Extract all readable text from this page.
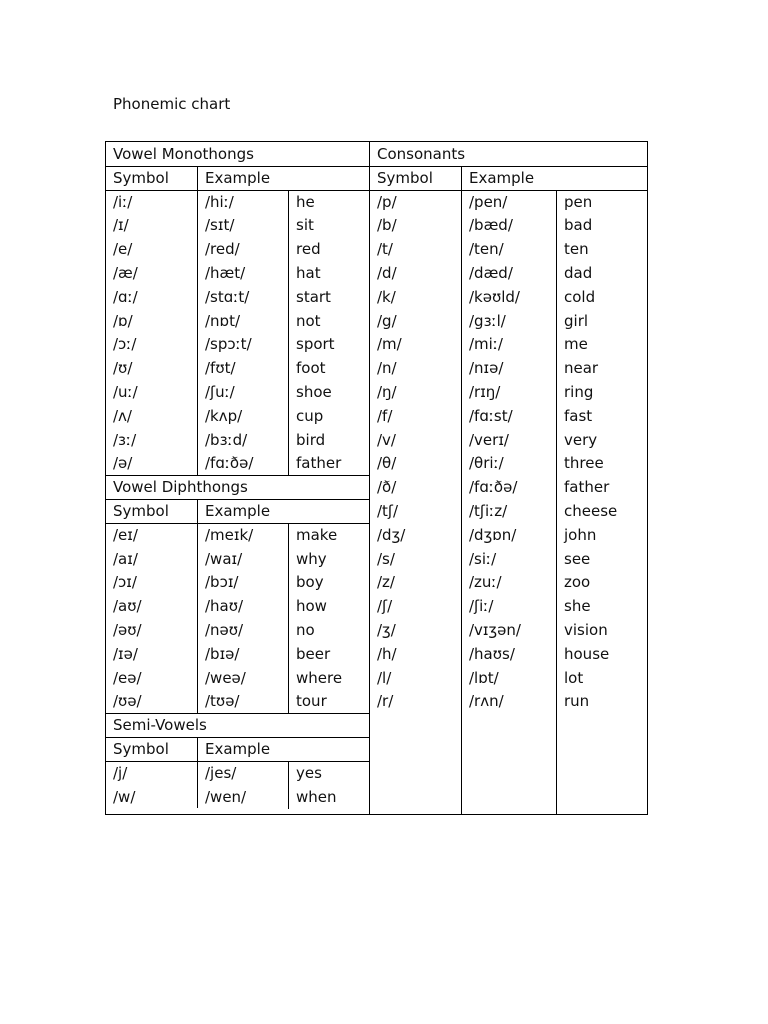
Phonemic chart
Vowel Monothongs
Symbol Example
/iː/	/hiː/	he
/ɪ/	/sɪt/	sit
/e/	/red/	red
/æ/	/hæt/	hat
/ɑː/	/stɑːt/	start
/ɒ/	/nɒt/	not
/ɔː/	/spɔːt/	sport
/ʊ/	/fʊt/	foot
/uː/	/ʃuː/	shoe
/ʌ/	/kʌp/	cup
/ɜː/	/bɜːd/	bird
/ə/	/fɑːðə/	father
Vowel Diphthongs
Symbol Example
/eɪ/	/meɪk/	make
/aɪ/	/waɪ/	why
/ɔɪ/	/bɔɪ/	boy
/aʊ/	/haʊ/	how
/əʊ/	/nəʊ/	no
/ɪə/	/bɪə/	beer
/eə/	/weə/	where
/ʊə/	/tʊə/	tour
Semi-Vowels
Symbol Example
/j/	/jes/	yes
/w/	/wen/	when
Consonants
Symbol Example
/p/	/pen/	pen
/b/	/bæd/	bad
/t/	/ten/	ten
/d/	/dæd/	dad
/k/	/kəʊld/	cold
/g/	/gɜːl/	girl
/m/	/miː/	me
/n/	/nɪə/	near
/ŋ/	/rɪŋ/	ring
/f/	/fɑːst/	fast
/v/	/verɪ/	very
/θ/	/θriː/	three
/ð/	/fɑːðə/	father
/tʃ/	/tʃiːz/	cheese
/dʒ/	/dʒɒn/	john
/s/	/siː/	see
/z/	/zuː/	zoo
/ʃ/	/ʃiː/	she
/ʒ/	/vɪʒən/	vision
/h/	/haʊs/	house
/l/	/lɒt/	lot
/r/	/rʌn/	run
